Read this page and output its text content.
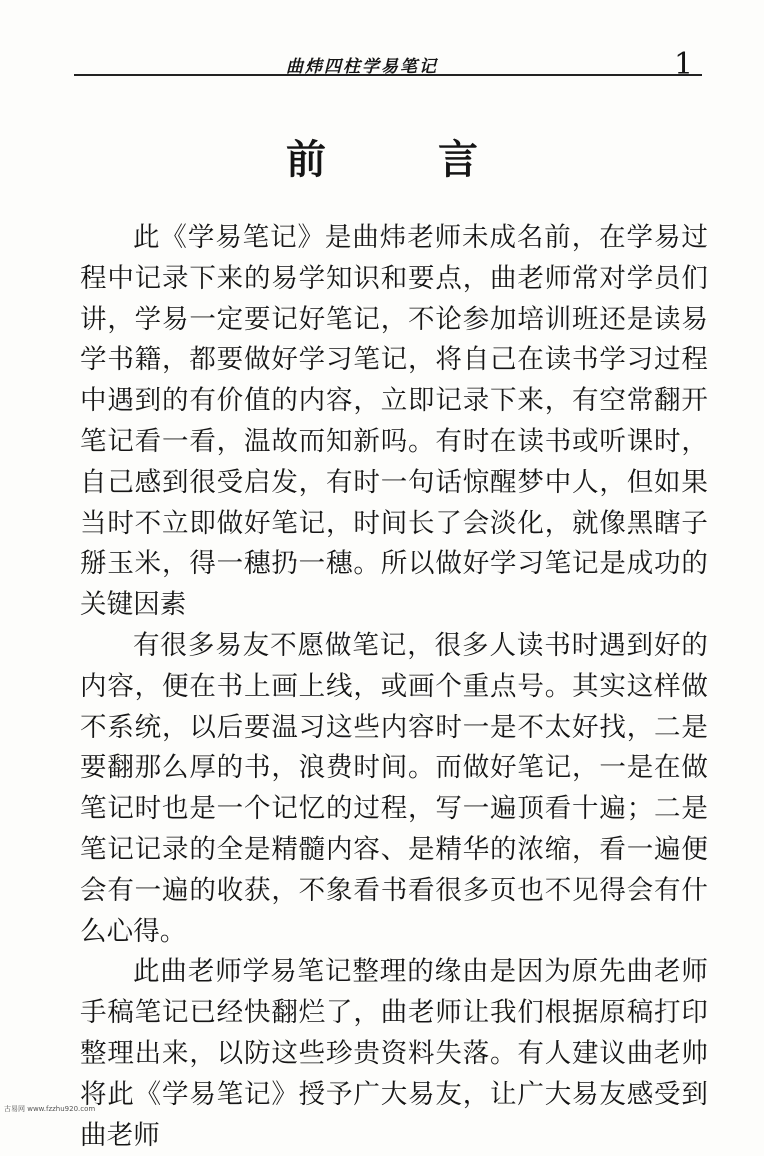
曲炜四柱学易笔记	1
前　言

此《学易笔记》是曲炜老师未成名前，在学易过程中记录下来的易学知识和要点，曲老师常对学员们讲，学易一定要记好笔记，不论参加培训班还是读易学书籍，都要做好学习笔记，将自己在读书学习过程中遇到的有价值的内容，立即记录下来，有空常翻开笔记看一看，温故而知新吗。有时在读书或听课时，自己感到很受启发，有时一句话惊醒梦中人，但如果当时不立即做好笔记，时间长了会淡化，就像黑瞎子掰玉米，得一穗扔一穗。所以做好学习笔记是成功的关键因素

有很多易友不愿做笔记，很多人读书时遇到好的内容，便在书上画上线，或画个重点号。其实这样做不系统，以后要温习这些内容时一是不太好找，二是要翻那么厚的书，浪费时间。而做好笔记，一是在做笔记时也是一个记忆的过程，写一遍顶看十遍；二是笔记记录的全是精髓内容、是精华的浓缩，看一遍便会有一遍的收获，不象看书看很多页也不见得会有什么心得。

此曲老师学易笔记整理的缘由是因为原先曲老师手稿笔记已经快翻烂了，曲老师让我们根据原稿打印整理出来，以防这些珍贵资料失落。有人建议曲老帅将此《学易笔记》授予广大易友，让广大易友感受到曲老师

古易网 www.fzzhu920.com
